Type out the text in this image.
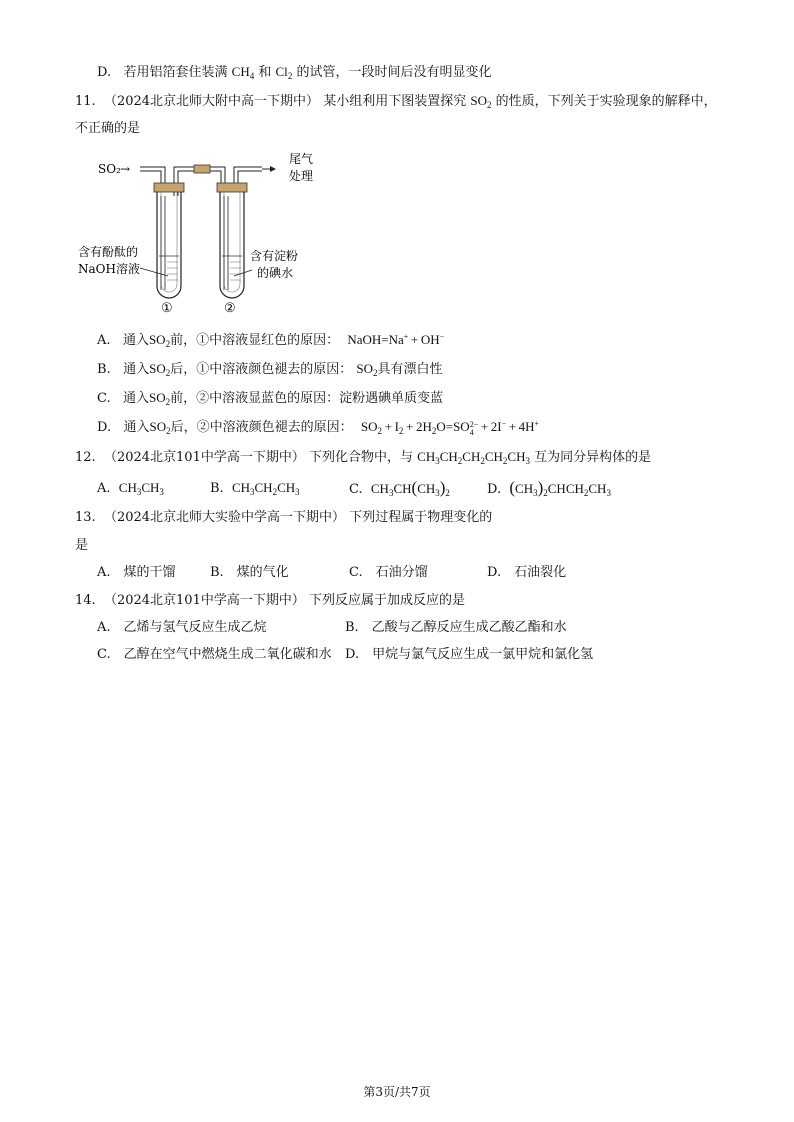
D. 若用铝箔套住装满 $CH_4$ 和 $Cl_2$ 的试管，一段时间后没有明显变化
11. （2024北京北师大附中高一下期中） 某小组利用下图装置探究 $SO_2$ 的性质，下列关于实验现象的解释中，
不正确的是
SO₂ →
尾气
处理
含有酚酞的
NaOH溶液
含有淀粉
的碘水
①	②
A. 通入$SO_2$前，①中溶液显红色的原因： NaOH=Na+ + OH−
B. 通入$SO_2$后，①中溶液颜色褪去的原因： $SO_2$具有漂白性
C. 通入$SO_2$前，②中溶液显蓝色的原因：淀粉遇碘单质变蓝
D. 通入$SO_2$后，②中溶液颜色褪去的原因： $SO_2 + I_2 + 2H_2O=SO2-$
4 + 2I− + 4H+
12. （2024北京101中学高一下期中） 下列化合物中，与 $CH_3CH_2CH_2CH_2CH_3$ 互为同分异构体的是
A. $CH_3CH_3$	B. $CH_3CH_2CH_3$	C. $CH_3CH(CH_3)_2$	D. $(CH_3)_2CHCH_2CH_3$
13. （2024北京北师大实验中学高一下期中） 下列过程属于物理变化的
是
A.　煤的干馏	B.　煤的气化	C.　石油分馏	D.　石油裂化
14. （2024北京101中学高一下期中） 下列反应属于加成反应的是
A.　乙烯与氢气反应生成乙烷	B.　乙酸与乙醇反应生成乙酸乙酯和水
C.　乙醇在空气中燃烧生成二氧化碳和水 D.　甲烷与氯气反应生成一氯甲烷和氯化氢
第3页/共7页
